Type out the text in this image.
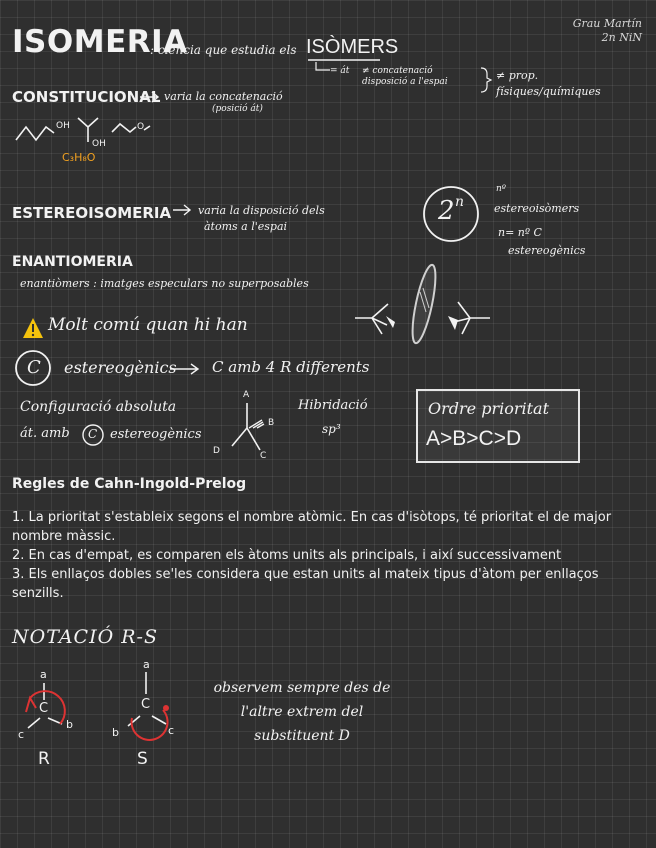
ISOMERIA
: ciència que estudia els ISÒMERS
= át ≠ concatenació
disposició a l'espai	≠ prop.
físiques/químiques
Grau Martín
2n NiN
CONSTITUCIONAL varia la concatenació
(posició át)
OH
OH
O
C₃H₈O
ESTEREOISOMERIA varia la disposició dels
àtoms a l'espai
2 n
nº
estereoisòmers
n= nº C
estereogènics
ENANTIOMERIA
enantiòmers : imatges especulars no superposables
Molt comú quan hi han
C estereogènics C amb 4 R differents
Configuració absoluta
át. amb C estereogènics
A
B
C
D
Hibridació
sp³
Ordre prioritat
A>B>C>D
Regles de Cahn-Ingold-Prelog

1. La prioritat s'estableix segons el nombre atòmic. En cas d'isòtops, té prioritat el de major nombre màssic.

2. En cas d'empat, es comparen els àtoms units als principals, i així successivament

3. Els enllaços dobles se'les considera que estan units al mateix tipus d'àtom per enllaços senzills.

NOTACIÓ R-S
a
C
c
b
R
a
C
b	c
S
observem sempre des de
l'altre extrem del
substituent D
